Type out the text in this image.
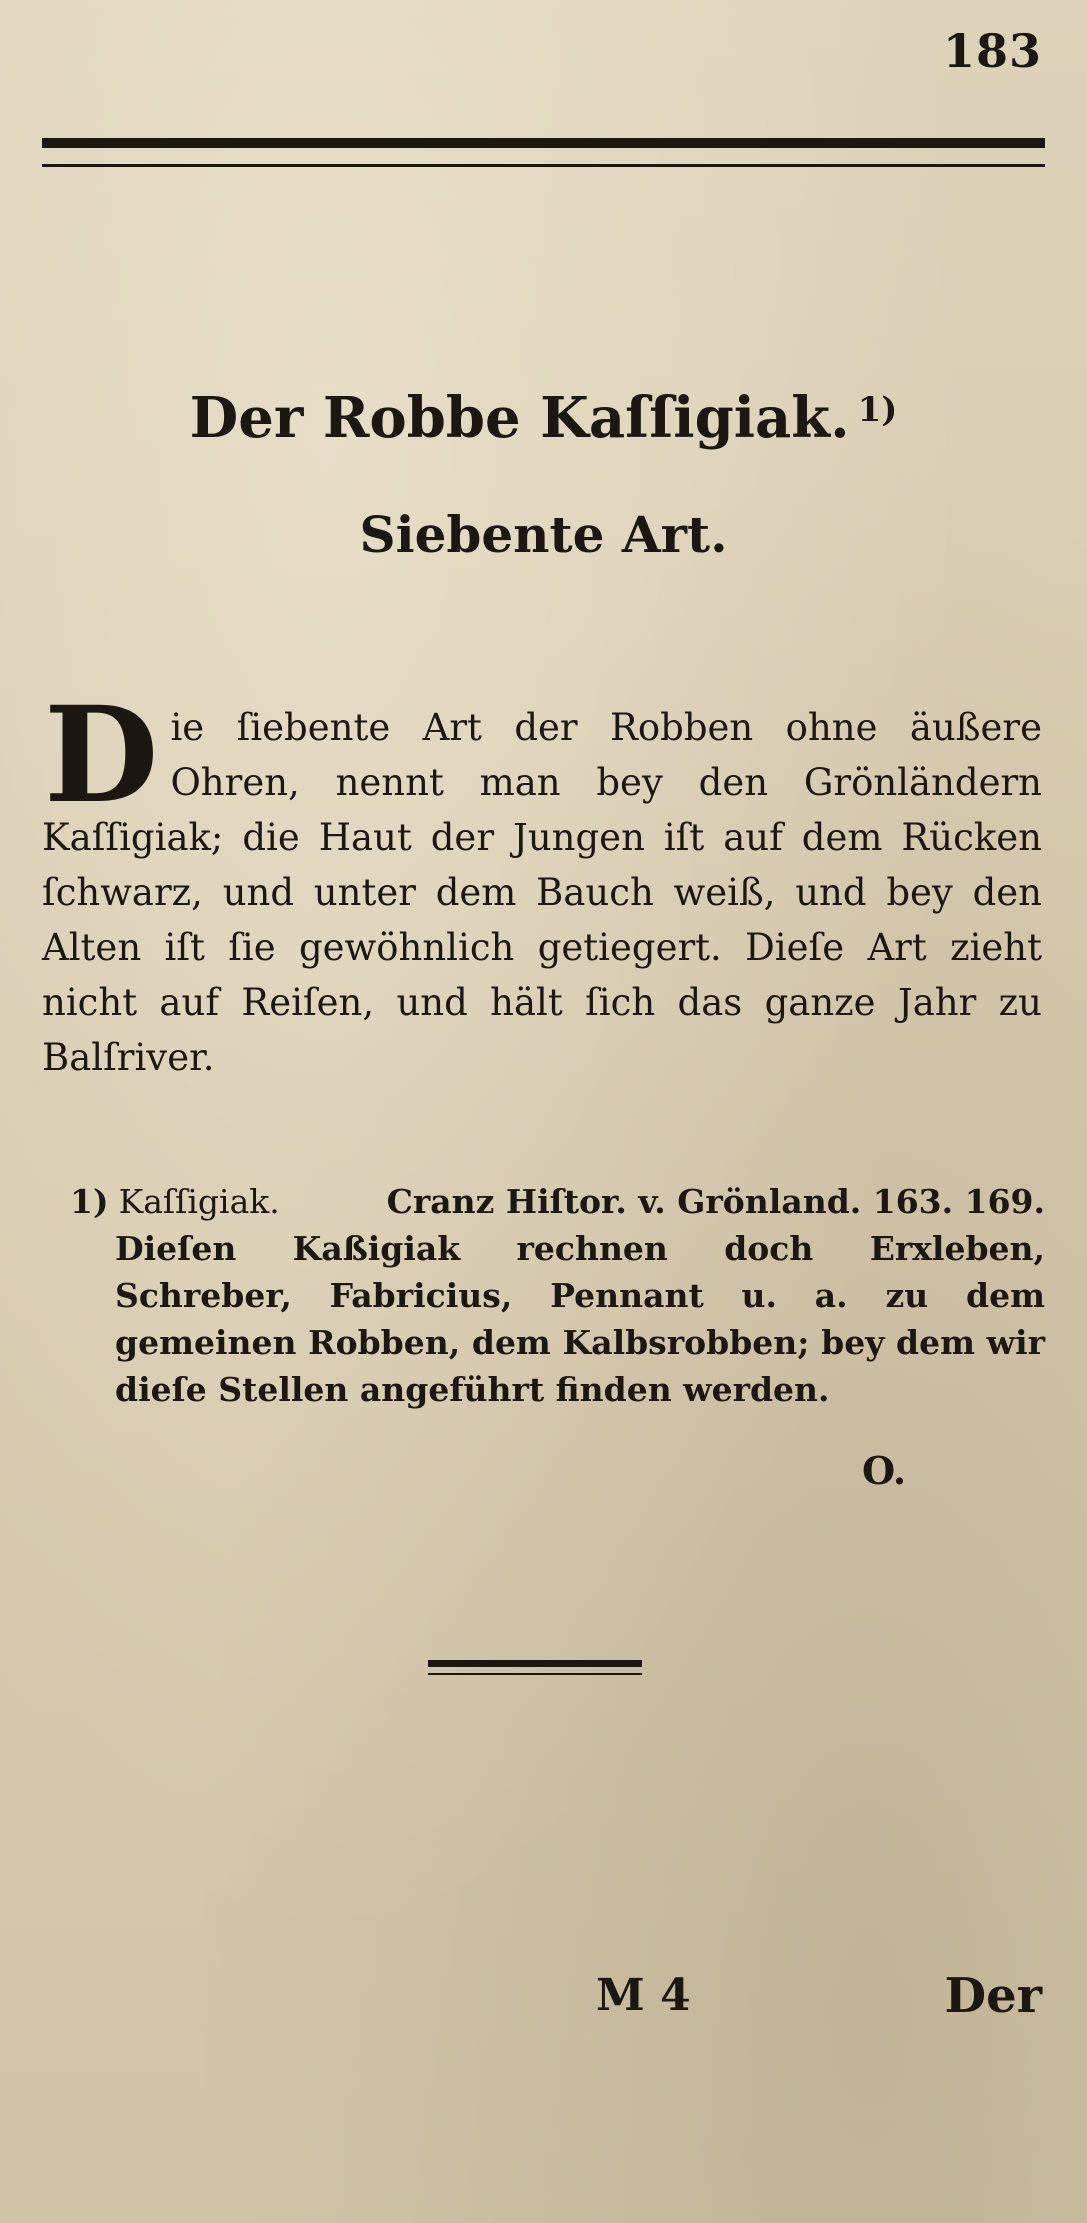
183
Der Robbe Kaſſigiak. $^{1)}$
Siebente Art.
Die ſiebente Art der Robben ohne äußere Ohren, nennt man bey den Grönländern Kaſſigiak; die Haut der Jungen iſt auf dem Rücken ſchwarz, und unter dem Bauch weiß, und bey den Alten iſt ſie gewöhnlich getiegert. Dieſe Art zieht nicht auf Reiſen, und hält ſich das ganze Jahr zu Balſriver.
1) Kaſſigiak.	Cranz Hiſtor. v. Grönland. 163. 169.
Dieſen Kaßigiak rechnen doch Erxleben, Schreber, Fabricius, Pennant u. a. zu dem gemeinen Robben, dem Kalbsrobben; bey dem wir dieſe Stellen angeführt finden werden.
O.
M 4	Der
